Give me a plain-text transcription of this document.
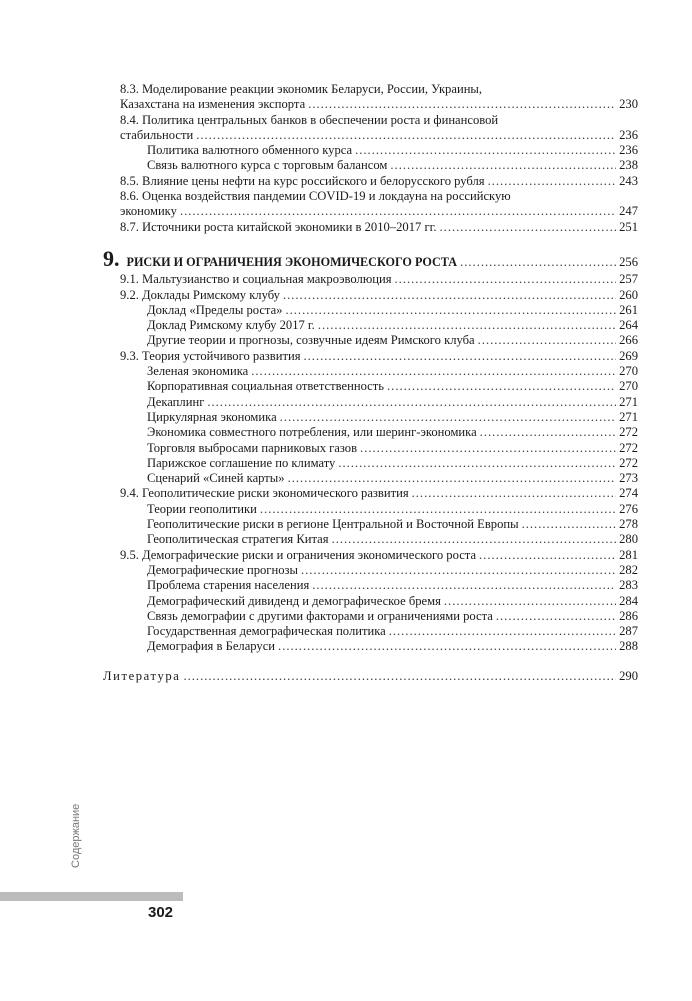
8.3. Моделирование реакции экономик Беларуси, России, Украины,
Казахстана на изменения экспорта .....	230
8.4. Политика центральных банков в обеспечении роста и финансовой
стабильности .....	236
Политика валютного обменного курса .....	236
Связь валютного курса с торговым балансом .....	238
8.5. Влияние цены нефти на курс российского и белорусского рубля .....	243
8.6. Оценка воздействия пандемии COVID-19 и локдауна на российскую
экономику .....	247
8.7. Источники роста китайской экономики в 2010–2017 гг. .....	251
9. РИСКИ И ОГРАНИЧЕНИЯ ЭКОНОМИЧЕСКОГО РОСТА .....	256
9.1. Мальтузианство и социальная макроэволюция .....	257
9.2. Доклады Римскому клубу .....	260
Доклад «Пределы роста» .....	261
Доклад Римскому клубу 2017 г. .....	264
Другие теории и прогнозы, созвучные идеям Римского клуба .....	266
9.3. Теория устойчивого развития .....	269
Зеленая экономика .....	270
Корпоративная социальная ответственность .....	270
Декаплинг .....	271
Циркулярная экономика .....	271
Экономика совместного потребления, или шеринг-экономика .....	272
Торговля выбросами парниковых газов .....	272
Парижское соглашение по климату .....	272
Сценарий «Синей карты» .....	273
9.4. Геополитические риски экономического развития .....	274
Теории геополитики .....	276
Геополитические риски в регионе Центральной и Восточной Европы .....	278
Геополитическая стратегия Китая .....	280
9.5. Демографические риски и ограничения экономического роста .....	281
Демографические прогнозы .....	282
Проблема старения населения .....	283
Демографический дивиденд и демографическое бремя .....	284
Связь демографии с другими факторами и ограничениями роста .....	286
Государственная демографическая политика .....	287
Демография в Беларуси .....	288
Литература .....	290
Содержание
302
